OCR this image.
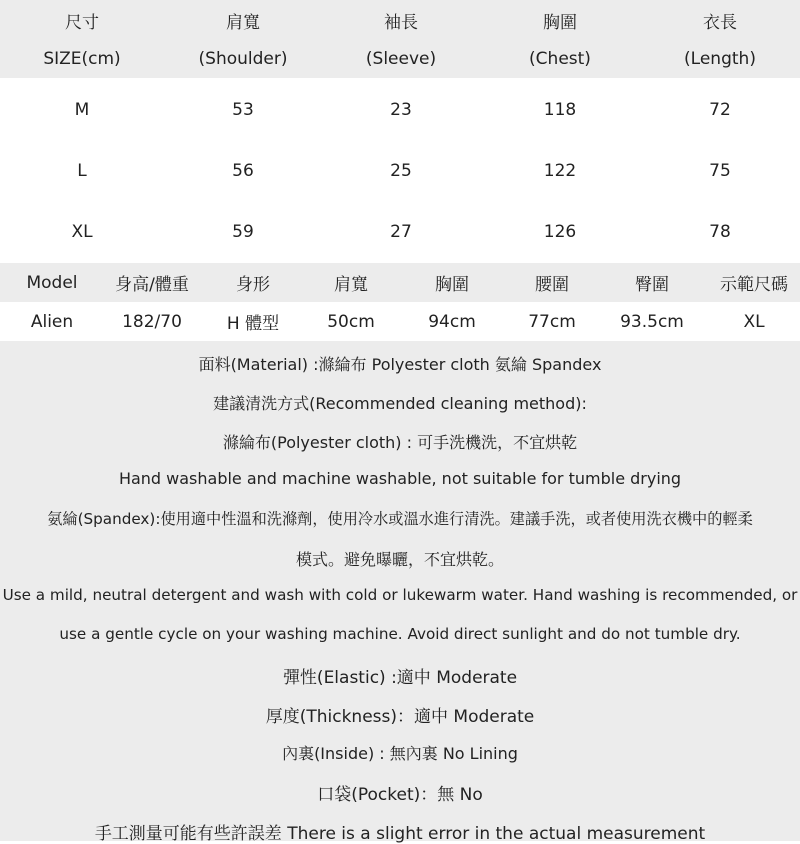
尺寸	肩寬	袖長	胸圍	衣長
SIZE(cm)	(Shoulder)	(Sleeve)	(Chest)	(Length)
M	53	23	118	72
L	56	25	122	75
XL	59	27	126	78
Model	身高/體重	身形	肩寬	胸圍	腰圍	臀圍	示範尺碼
Alien	182/70	H 體型	50cm	94cm	77cm	93.5cm	XL
面料(Material) :滌綸布 Polyester cloth 氨綸 Spandex
建議清洗方式(Recommended cleaning method):
滌綸布(Polyester cloth) : 可手洗機洗，不宜烘乾
Hand washable and machine washable, not suitable for tumble drying
氨綸(Spandex):使用適中性溫和洗滌劑，使用冷水或溫水進行清洗。建議手洗，或者使用洗衣機中的輕柔
模式。避免曝曬，不宜烘乾。
Use a mild, neutral detergent and wash with cold or lukewarm water. Hand washing is recommended, or
use a gentle cycle on your washing machine. Avoid direct sunlight and do not tumble dry.
彈性(Elastic) :適中 Moderate
厚度(Thickness)：適中 Moderate
內裏(Inside) : 無內裏 No Lining
口袋(Pocket)：無 No
手工測量可能有些許誤差 There is a slight error in the actual measurement
